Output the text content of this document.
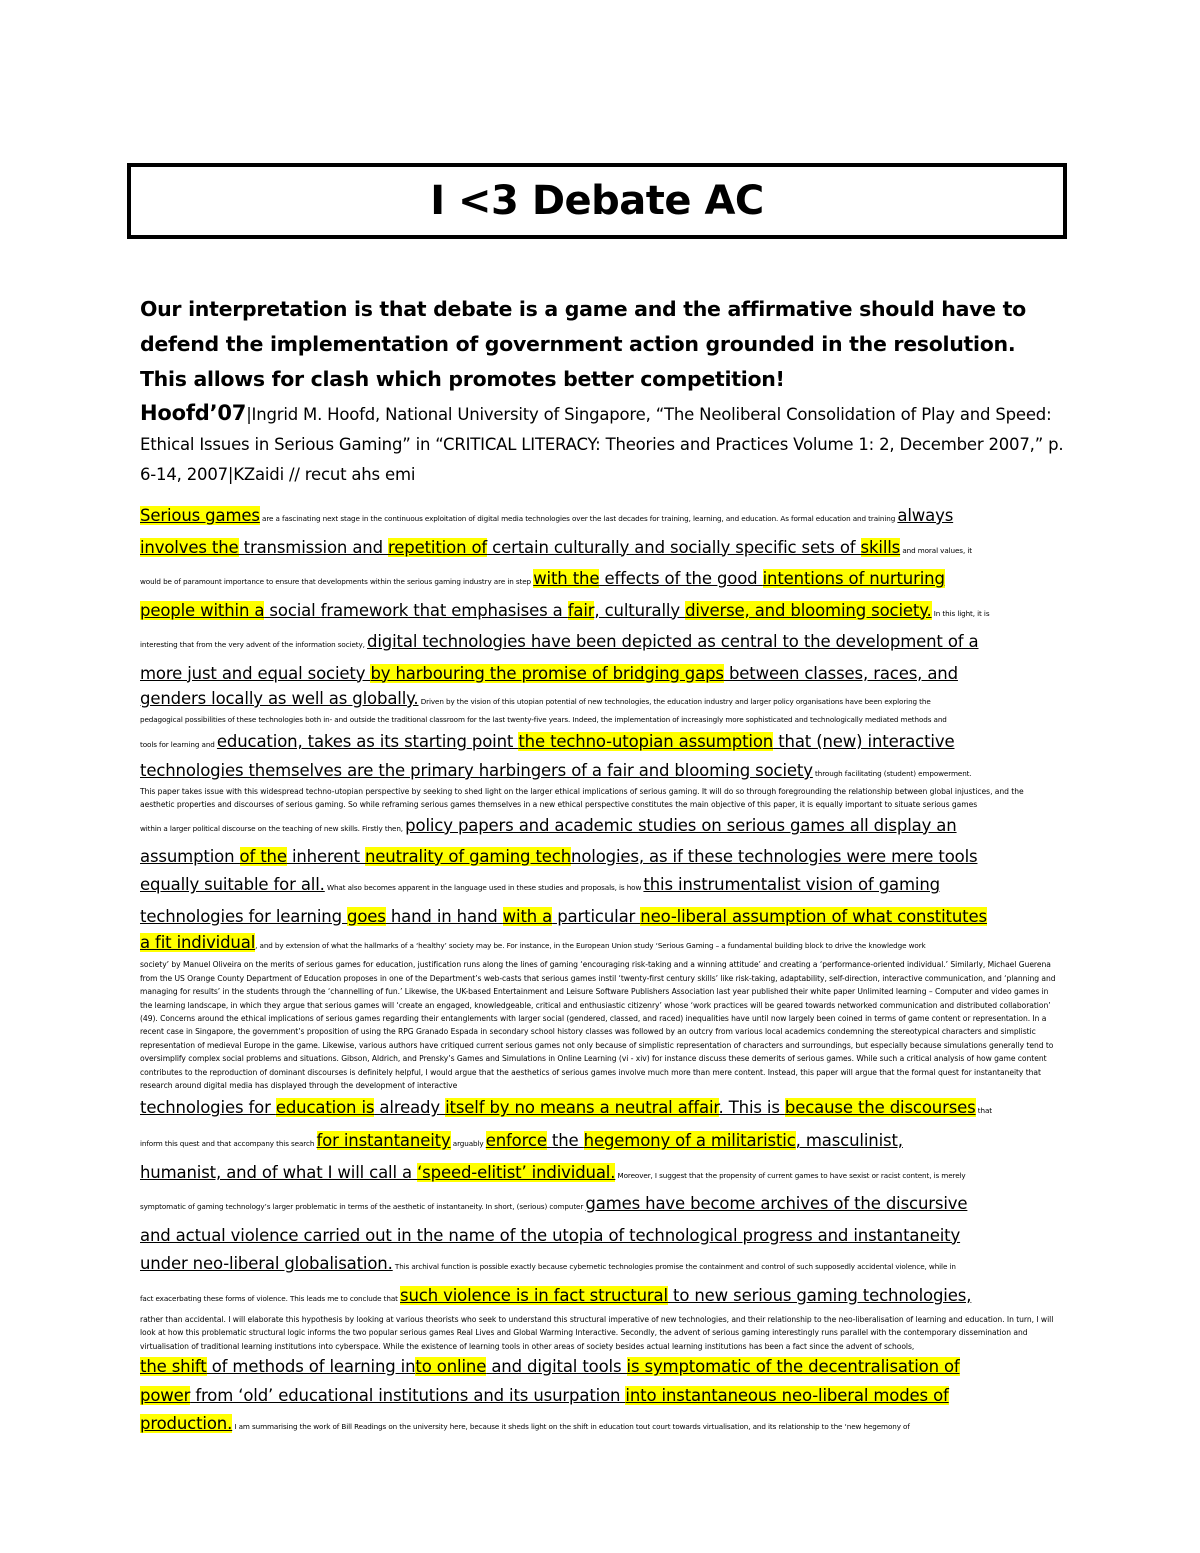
I <3 Debate AC
Our interpretation is that debate is a game and the affirmative should have to defend the implementation of government action grounded in the resolution.
This allows for clash which promotes better competition!
Hoofd’07|Ingrid M. Hoofd, National University of Singapore, “The Neoliberal Consolidation of Play and Speed: Ethical Issues in Serious Gaming” in “CRITICAL LITERACY: Theories and Practices Volume 1: 2, December 2007,” p. 6-14, 2007|KZaidi // recut ahs emi
Serious games are a fascinating next stage in the continuous exploitation of digital media technologies over the last decades for training, learning, and education. As formal education and training always
involves the transmission and repetition of certain culturally and socially specific sets of skills and moral values, it
would be of paramount importance to ensure that developments within the serious gaming industry are in step with the effects of the good intentions of nurturing
people within a social framework that emphasises a fair, culturally diverse, and blooming society. In this light, it is
interesting that from the very advent of the information society, digital technologies have been depicted as central to the development of a
more just and equal society by harbouring the promise of bridging gaps between classes, races, and
genders locally as well as globally. Driven by the vision of this utopian potential of new technologies, the education industry and larger policy organisations have been exploring the
pedagogical possibilities of these technologies both in- and outside the traditional classroom for the last twenty-five years. Indeed, the implementation of increasingly more sophisticated and technologically mediated methods and
tools for learning and education, takes as its starting point the techno-utopian assumption that (new) interactive
technologies themselves are the primary harbingers of a fair and blooming society through facilitating (student) empowerment.

This paper takes issue with this widespread techno-utopian perspective by seeking to shed light on the larger ethical implications of serious gaming. It will do so through foregrounding the relationship between global injustices, and the aesthetic properties and discourses of serious gaming. So while reframing serious games themselves in a new ethical perspective constitutes the main objective of this paper, it is equally important to situate serious games

within a larger political discourse on the teaching of new skills. Firstly then, policy papers and academic studies on serious games all display an
assumption of the inherent neutrality of gaming technologies, as if these technologies were mere tools
equally suitable for all. What also becomes apparent in the language used in these studies and proposals, is how this instrumentalist vision of gaming
technologies for learning goes hand in hand with a particular neo-liberal assumption of what constitutes
a fit individual, and by extension of what the hallmarks of a ‘healthy’ society may be. For instance, in the European Union study ‘Serious Gaming – a fundamental building block to drive the knowledge work

society’ by Manuel Oliveira on the merits of serious games for education, justification runs along the lines of gaming ‘encouraging risk-taking and a winning attitude’ and creating a ‘performance-oriented individual.’ Similarly, Michael Guerena from the US Orange County Department of Education proposes in one of the Department’s web-casts that serious games instil ‘twenty-first century skills’ like risk-taking, adaptability, self-direction, interactive communication, and ‘planning and managing for results’ in the students through the ‘channelling of fun.’ Likewise, the UK-based Entertainment and Leisure Software Publishers Association last year published their white paper Unlimited learning – Computer and video games in the learning landscape, in which they argue that serious games will ‘create an engaged, knowledgeable, critical and enthusiastic citizenry’ whose ‘work practices will be geared towards networked communication and distributed collaboration’ (49). Concerns around the ethical implications of serious games regarding their entanglements with larger social (gendered, classed, and raced) inequalities have until now largely been coined in terms of game content or representation. In a recent case in Singapore, the government’s proposition of using the RPG Granado Espada in secondary school history classes was followed by an outcry from various local academics condemning the stereotypical characters and simplistic representation of medieval Europe in the game. Likewise, various authors have critiqued current serious games not only because of simplistic representation of characters and surroundings, but especially because simulations generally tend to oversimplify complex social problems and situations. Gibson, Aldrich, and Prensky’s Games and Simulations in Online Learning (vi - xiv) for instance discuss these demerits of serious games. While such a critical analysis of how game content contributes to the reproduction of dominant discourses is definitely helpful, I would argue that the aesthetics of serious games involve much more than mere content. Instead, this paper will argue that the formal quest for instantaneity that research around digital media has displayed through the development of interactive

technologies for education is already itself by no means a neutral affair. This is because the discourses that
inform this quest and that accompany this search for instantaneity arguably enforce the hegemony of a militaristic, masculinist,
humanist, and of what I will call a ‘speed-elitist’ individual. Moreover, I suggest that the propensity of current games to have sexist or racist content, is merely
symptomatic of gaming technology’s larger problematic in terms of the aesthetic of instantaneity. In short, (serious) computer games have become archives of the discursive
and actual violence carried out in the name of the utopia of technological progress and instantaneity
under neo-liberal globalisation. This archival function is possible exactly because cybernetic technologies promise the containment and control of such supposedly accidental violence, while in
fact exacerbating these forms of violence. This leads me to conclude that such violence is in fact structural to new serious gaming technologies,

rather than accidental. I will elaborate this hypothesis by looking at various theorists who seek to understand this structural imperative of new technologies, and their relationship to the neo-liberalisation of learning and education. In turn, I will look at how this problematic structural logic informs the two popular serious games Real Lives and Global Warming Interactive. Secondly, the advent of serious gaming interestingly runs parallel with the contemporary dissemination and virtualisation of traditional learning institutions into cyberspace. While the existence of learning tools in other areas of society besides actual learning institutions has been a fact since the advent of schools,

the shift of methods of learning into online and digital tools is symptomatic of the decentralisation of
power from ‘old’ educational institutions and its usurpation into instantaneous neo-liberal modes of
production. I am summarising the work of Bill Readings on the university here, because it sheds light on the shift in education tout court towards virtualisation, and its relationship to the ‘new hegemony of
